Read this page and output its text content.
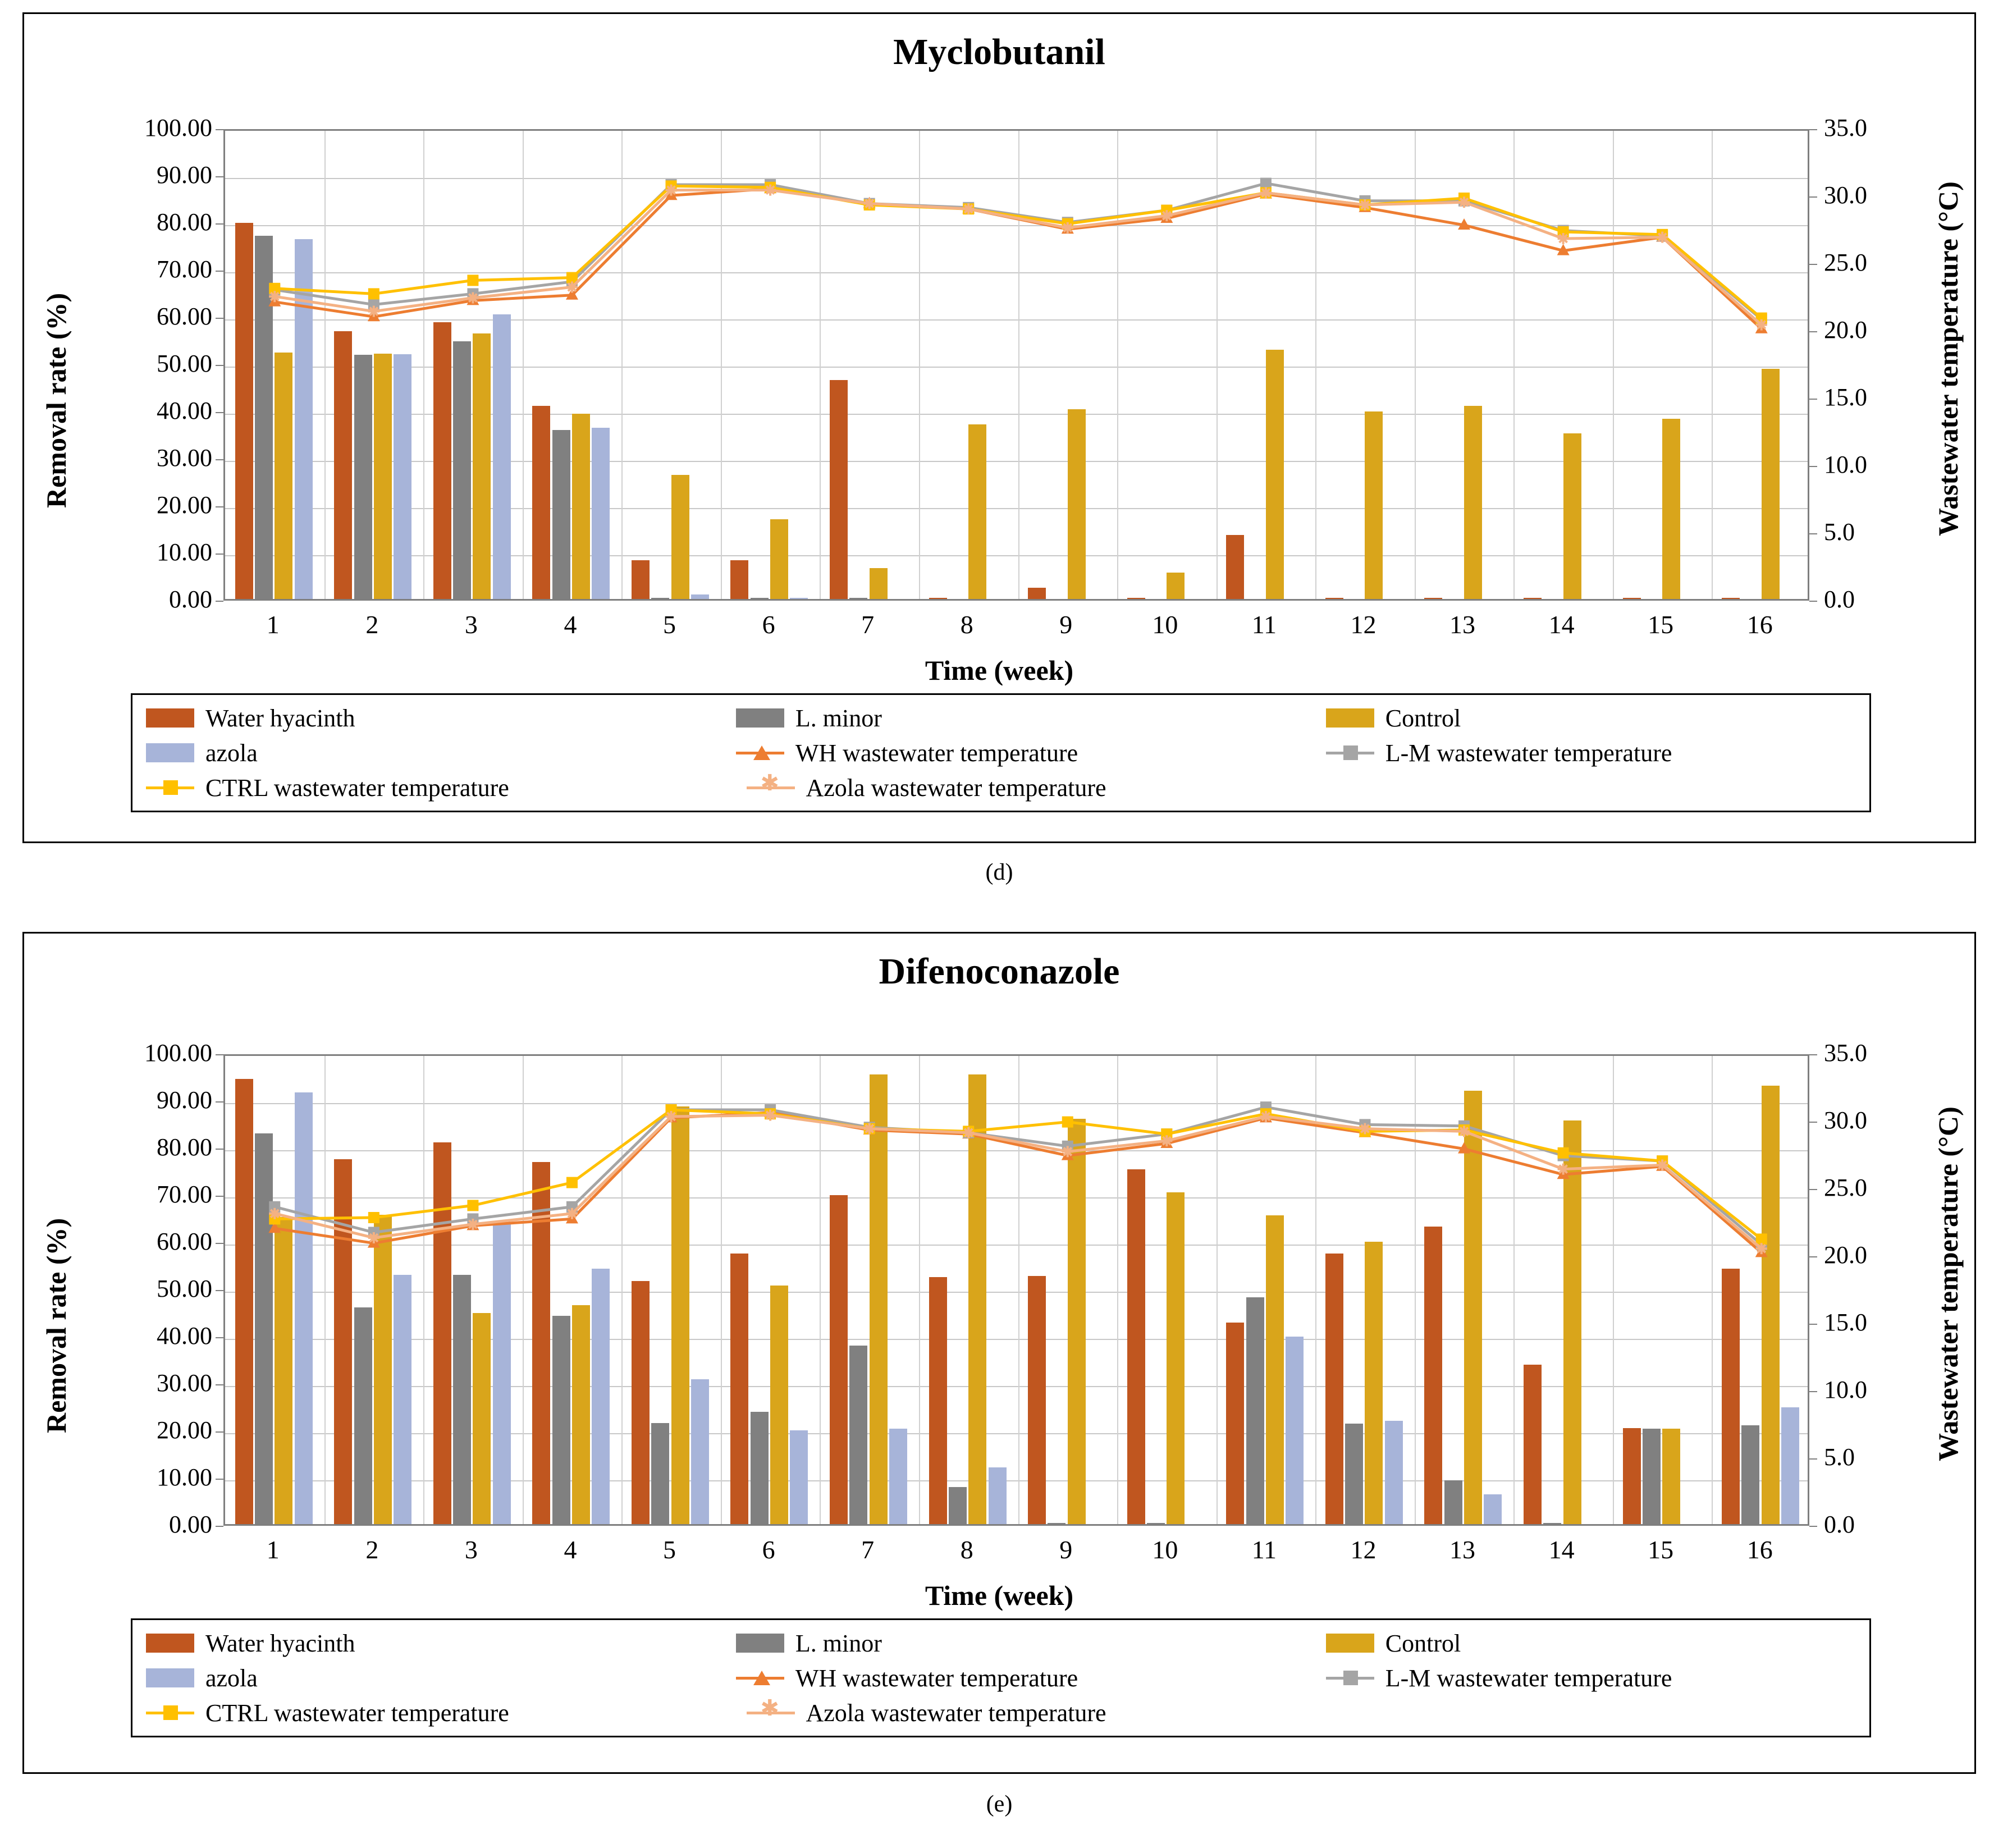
Myclobutanil
Removal rate (%)	Wastewater temperature (°C)
Time (week)
Water hyacinth	L. minor	Control
azola	WH wastewater temperature	L-M wastewater temperature
CTRL wastewater temperature	✱ Azola wastewater temperature
100.00
90.00
80.00
70.00
60.00
50.00
40.00
30.00
20.00
10.00
0.00
35.0
30.0
25.0
20.0
15.0
10.0
5.0
0.0
1	2	3	4	5	6	7	8	9	10	11	12	13	14	15	16
(d)
Difenoconazole
Removal rate (%)	Wastewater temperature (°C)
Time (week)
Water hyacinth	L. minor	Control
azola	WH wastewater temperature	L-M wastewater temperature
CTRL wastewater temperature	✱ Azola wastewater temperature
100.00
90.00
80.00
70.00
60.00
50.00
40.00
30.00
20.00
10.00
0.00
35.0
30.0
25.0
20.0
15.0
10.0
5.0
0.0
1	2	3	4	5	6	7	8	9	10	11	12	13	14	15	16
(e)
